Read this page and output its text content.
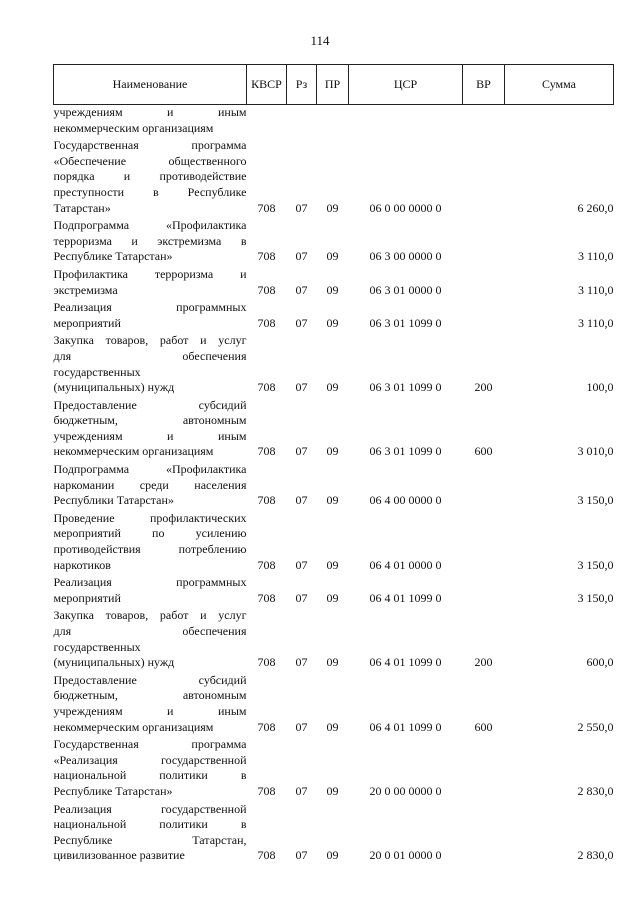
114
Наименование	КВСР	Рз	ПР	ЦСР	ВР	Сумма

учреждениям и иным
некоммерческим организациям						

Государственная программа
«Обеспечение общественного
порядка и противодействие
преступности в Республике
Татарстан»	708	07	09	06 0 00 0000 0		6 260,0

Подпрограмма «Профилактика
терроризма и экстремизма в
Республике Татарстан»	708	07	09	06 3 00 0000 0		3 110,0

Профилактика терроризма и
экстремизма	708	07	09	06 3 01 0000 0		3 110,0

Реализация программных
мероприятий	708	07	09	06 3 01 1099 0		3 110,0

Закупка товаров, работ и услуг
для обеспечения
государственных
(муниципальных) нужд	708	07	09	06 3 01 1099 0	200	100,0

Предоставление субсидий
бюджетным, автономным
учреждениям и иным
некоммерческим организациям	708	07	09	06 3 01 1099 0	600	3 010,0

Подпрограмма «Профилактика
наркомании среди населения
Республики Татарстан»	708	07	09	06 4 00 0000 0		3 150,0

Проведение профилактических
мероприятий по усилению
противодействия потреблению
наркотиков	708	07	09	06 4 01 0000 0		3 150,0

Реализация программных
мероприятий	708	07	09	06 4 01 1099 0		3 150,0

Закупка товаров, работ и услуг
для обеспечения
государственных
(муниципальных) нужд	708	07	09	06 4 01 1099 0	200	600,0

Предоставление субсидий
бюджетным, автономным
учреждениям и иным
некоммерческим организациям	708	07	09	06 4 01 1099 0	600	2 550,0

Государственная программа
«Реализация государственной
национальной политики в
Республике Татарстан»	708	07	09	20 0 00 0000 0		2 830,0

Реализация государственной
национальной политики в
Республике Татарстан,
цивилизованное развитие	708	07	09	20 0 01 0000 0		2 830,0
